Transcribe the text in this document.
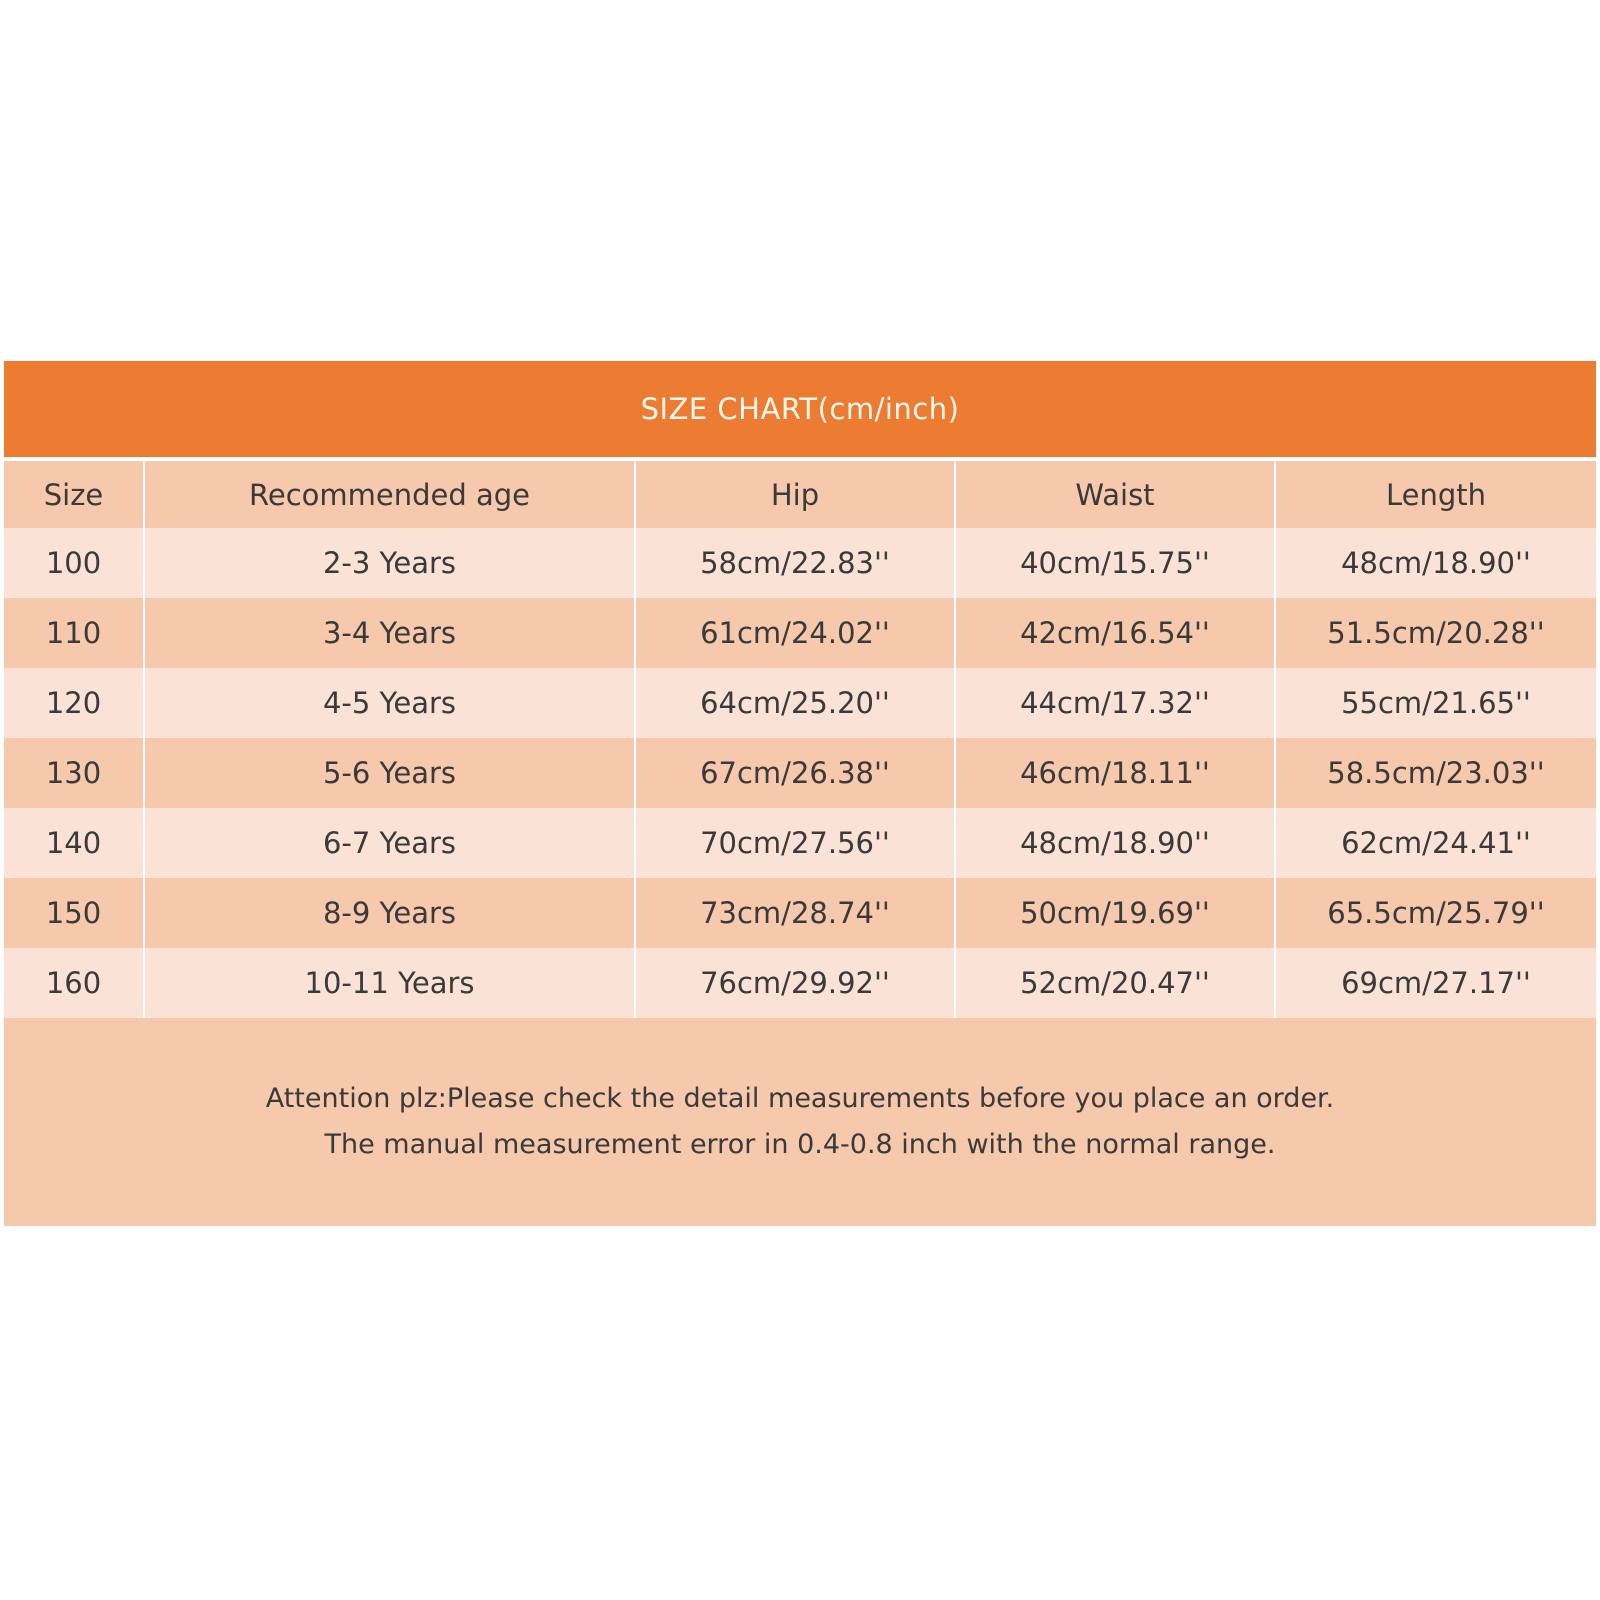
SIZE CHART(cm/inch)
Size	Recommended age	Hip	Waist	Length
100	2-3 Years	58cm/22.83''	40cm/15.75''	48cm/18.90''
110	3-4 Years	61cm/24.02''	42cm/16.54''	51.5cm/20.28''
120	4-5 Years	64cm/25.20''	44cm/17.32''	55cm/21.65''
130	5-6 Years	67cm/26.38''	46cm/18.11''	58.5cm/23.03''
140	6-7 Years	70cm/27.56''	48cm/18.90''	62cm/24.41''
150	8-9 Years	73cm/28.74''	50cm/19.69''	65.5cm/25.79''
160	10-11 Years	76cm/29.92''	52cm/20.47''	69cm/27.17''
Attention plz:Please check the detail measurements before you place an order.
The manual measurement error in 0.4-0.8 inch with the normal range.
